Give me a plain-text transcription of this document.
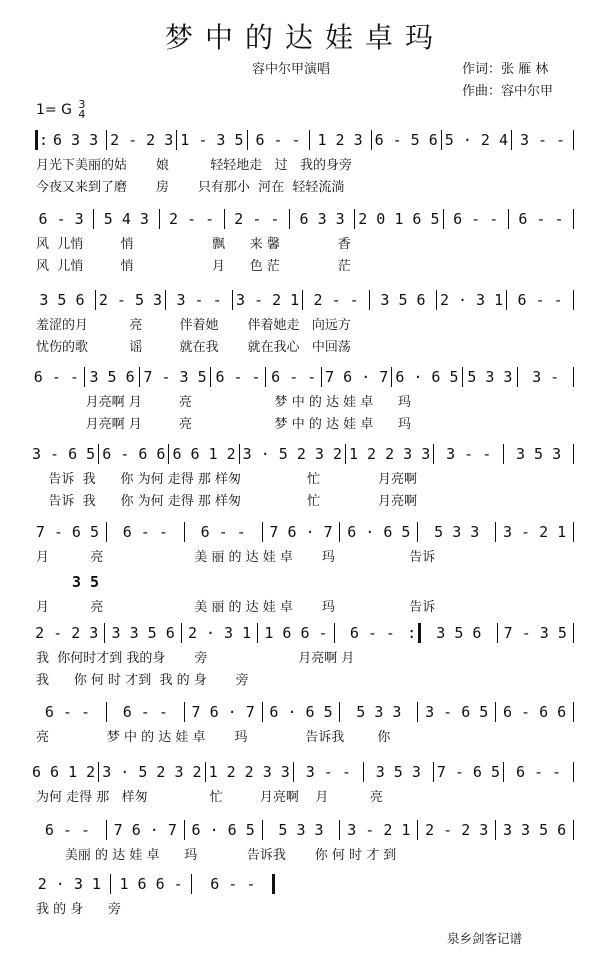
梦中的达娃卓玛
容中尔甲演唱	作词：张 雁 林
作曲：容中尔甲
1= G 3
4
: 6 3 3 2 - 2 3 1 - 3 5 6 - -	1 2 3 6 - 5 6 5 · 2 4 3 - -
月光下美丽的姑       娘          轻轻地走   过   我的身旁
今夜又来到了磨       房       只有那小  河在  轻轻流淌
6 - 3	5 4 3	2 - -	2 - -	6 3 3 2 0 1 6 5 6 - -	6 - -
风  儿悄         悄                   飘      来 馨              香
风  儿悄         悄                   月      色 茫              茫
3 5 6 2 - 5 3 3 - - 3 - 2 1 2 - -	3 5 6 2 · 3 1 6 - -
羞涩的月          亮         伴着她       伴着她走   向远方
忧伤的歌          谣         就在我       就在我心   中回荡
6 - - 3 5 6 7 - 3 5 6 - - 6 - - 7 6 · 7 6 · 6 5 5 3 3	3 -
月亮啊 月         亮                    梦 中 的 达 娃 卓      玛
月亮啊 月         亮                    梦 中 的 达 娃 卓      玛
3 - 6 5 6 - 6 6 6 6 1 2 3 · 5 2 3 2 1 2 2 3 3	3 - -	3 5 3
告诉  我      你 为何 走得 那 样匆                忙              月亮啊
告诉  我      你 为何 走得 那 样匆                忙              月亮啊
7 - 6 5	6 - -	6 - -	7 6 · 7 6 · 6 5	5 3 3	3 - 2 1
月          亮                      美 丽 的 达 娃 卓       玛                  告诉
3 5
月          亮                      美 丽 的 达 娃 卓       玛                  告诉
2 - 2 3 3 3 5 6 2 · 3 1 1 6 6 -	6 - - :	3 5 6	7 - 3 5
我  你何时才到 我的身       旁                      月亮啊 月
我      你 何 时 才到  我 的 身       旁
6 - -	6 - -	7 6 · 7 6 · 6 5	5 3 3	3 - 6 5 6 - 6 6
亮              梦 中 的 达 娃 卓       玛              告诉我        你
6 6 1 2 3 · 5 2 3 2 1 2 2 3 3	3 - -	3 5 3	7 - 6 5	6 - -
为何 走得 那   样匆               忙         月亮啊    月          亮
6 - -	7 6 · 7 6 · 6 5	5 3 3	3 - 2 1 2 - 2 3 3 3 5 6
美丽 的 达 娃 卓      玛            告诉我       你 何 时 才 到
2 · 3 1	1 6 6 -	6 - -
我 的 身      旁
泉乡剑客记谱
